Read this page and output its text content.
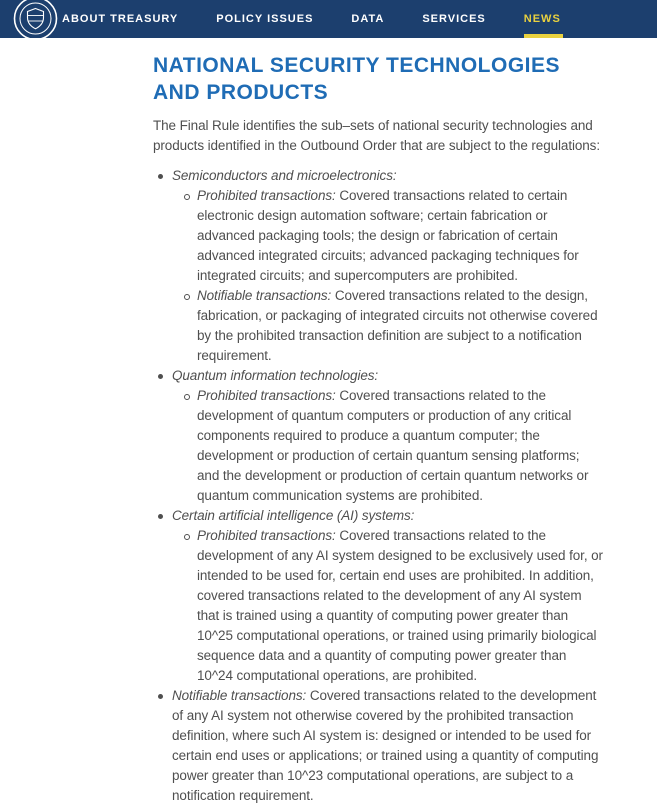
ABOUT TREASURY	POLICY ISSUES	DATA	SERVICES	NEWS
NATIONAL SECURITY TECHNOLOGIES AND PRODUCTS

The Final Rule identifies the sub–sets of national security technologies and products identified in the Outbound Order that are subject to the regulations:

Semiconductors and microelectronics:
Prohibited transactions: Covered transactions related to certain electronic design automation software; certain fabrication or advanced packaging tools; the design or fabrication of certain advanced integrated circuits; advanced packaging techniques for integrated circuits; and supercomputers are prohibited.
Notifiable transactions: Covered transactions related to the design, fabrication, or packaging of integrated circuits not otherwise covered by the prohibited transaction definition are subject to a notification requirement.
Quantum information technologies:
Prohibited transactions: Covered transactions related to the development of quantum computers or production of any critical components required to produce a quantum computer; the development or production of certain quantum sensing platforms; and the development or production of certain quantum networks or quantum communication systems are prohibited.
Certain artificial intelligence (AI) systems:
Prohibited transactions: Covered transactions related to the development of any AI system designed to be exclusively used for, or intended to be used for, certain end uses are prohibited. In addition, covered transactions related to the development of any AI system that is trained using a quantity of computing power greater than 10^25 computational operations, or trained using primarily biological sequence data and a quantity of computing power greater than 10^24 computational operations, are prohibited.
Notifiable transactions: Covered transactions related to the development of any AI system not otherwise covered by the prohibited transaction definition, where such AI system is: designed or intended to be used for certain end uses or applications; or trained using a quantity of computing power greater than 10^23 computational operations, are subject to a notification requirement.
